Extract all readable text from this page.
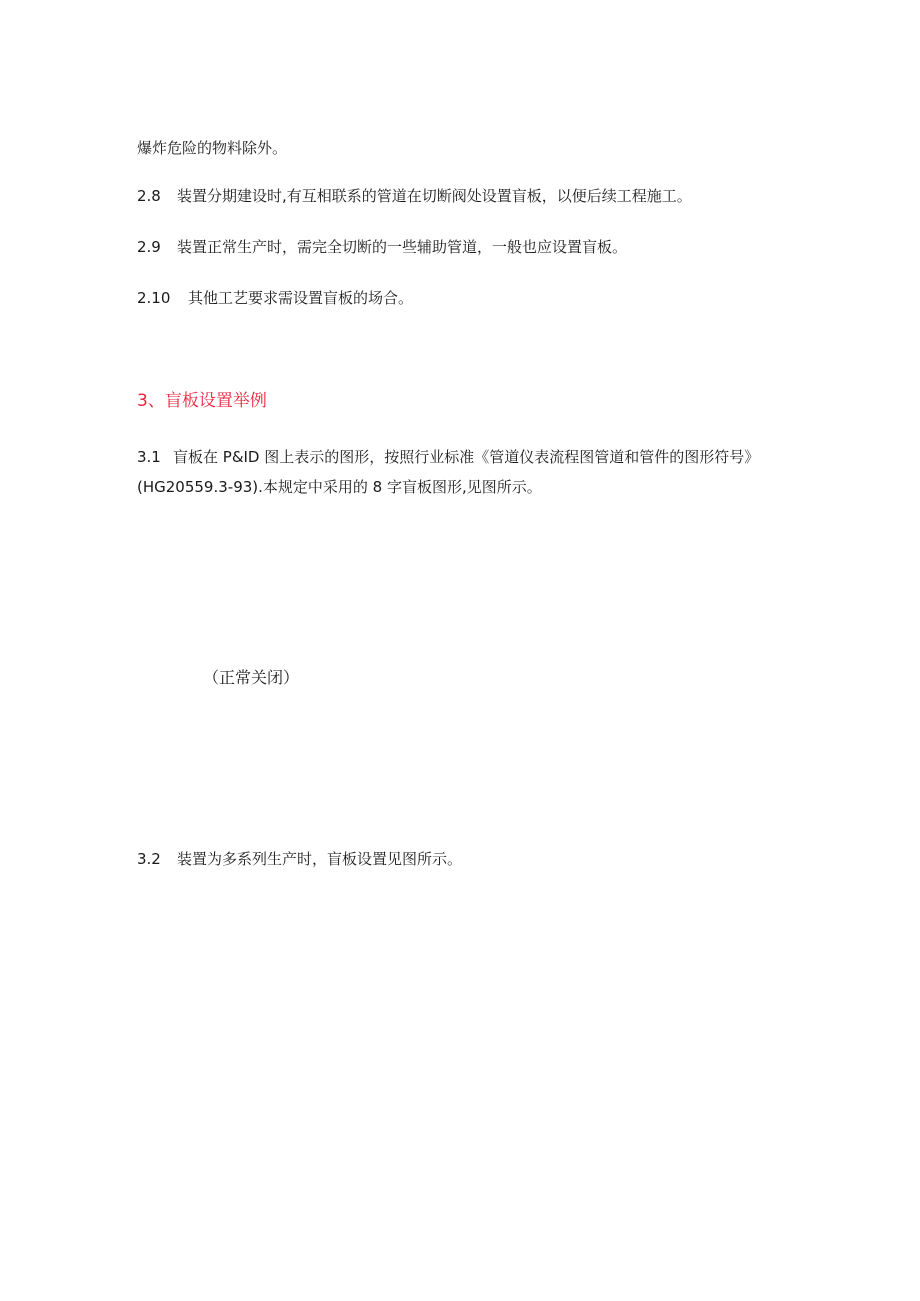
爆炸危险的物料除外。
2.8 装置分期建设时,有互相联系的管道在切断阀处设置盲板，以便后续工程施工。
2.9 装置正常生产时，需完全切断的一些辅助管道，一般也应设置盲板。
2.10 其他工艺要求需设置盲板的场合。
3、盲板设置举例
3.1 盲板在 P&ID 图上表示的图形，按照行业标准《管道仪表流程图管道和管件的图形符号》
(HG20559.3-93).本规定中采用的 8 字盲板图形,见图所示。
（正常关闭）
3.2 装置为多系列生产时，盲板设置见图所示。
